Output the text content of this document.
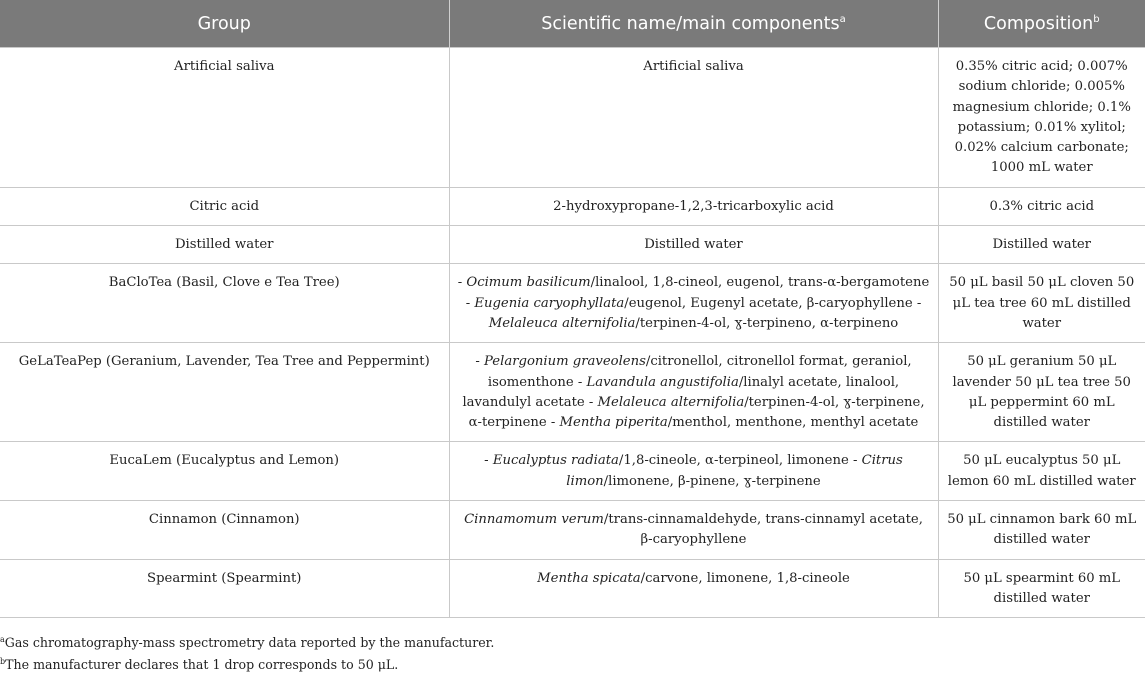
Group	Scientific name/main components$^a$	Composition$^b$
Artificial saliva	Artificial saliva	0.35% citric acid; 0.007% sodium chloride; 0.005% magnesium chloride; 0.1% potassium; 0.01% xylitol; 0.02% calcium carbonate; 1000 mL water
Citric acid	2-hydroxypropane-1,2,3-tricarboxylic acid	0.3% citric acid
Distilled water	Distilled water	Distilled water
BaCloTea (Basil, Clove e Tea Tree)	- Ocimum basilicum/linalool, 1,8-cineol, eugenol, trans-α-bergamotene - Eugenia caryophyllata/eugenol, Eugenyl acetate, β-caryophyllene - Melaleuca alternifolia/terpinen-4-ol, ɣ-terpineno, α-terpineno	50 μL basil 50 μL cloven 50 μL tea tree 60 mL distilled water
GeLaTeaPep (Geranium, Lavender, Tea Tree and Peppermint)	- Pelargonium graveolens/citronellol, citronellol format, geraniol, isomenthone - Lavandula angustifolia/linalyl acetate, linalool, lavandulyl acetate - Melaleuca alternifolia/terpinen-4-ol, ɣ-terpinene, α-terpinene - Mentha piperita/menthol, menthone, menthyl acetate	50 μL geranium 50 μL lavender 50 μL tea tree 50 μL peppermint 60 mL distilled water
EucaLem (Eucalyptus and Lemon)	- Eucalyptus radiata/1,8-cineole, α-terpineol, limonene - Citrus limon/limonene, β-pinene, ɣ-terpinene	50 μL eucalyptus 50 μL lemon 60 mL distilled water
Cinnamon (Cinnamon)	Cinnamomum verum/trans-cinnamaldehyde, trans-cinnamyl acetate, β-caryophyllene	50 μL cinnamon bark 60 mL distilled water
Spearmint (Spearmint)	Mentha spicata/carvone, limonene, 1,8-cineole	50 μL spearmint 60 mL distilled water
$^a$Gas chromatography-mass spectrometry data reported by the manufacturer.
$^b$The manufacturer declares that 1 drop corresponds to 50 μL.
